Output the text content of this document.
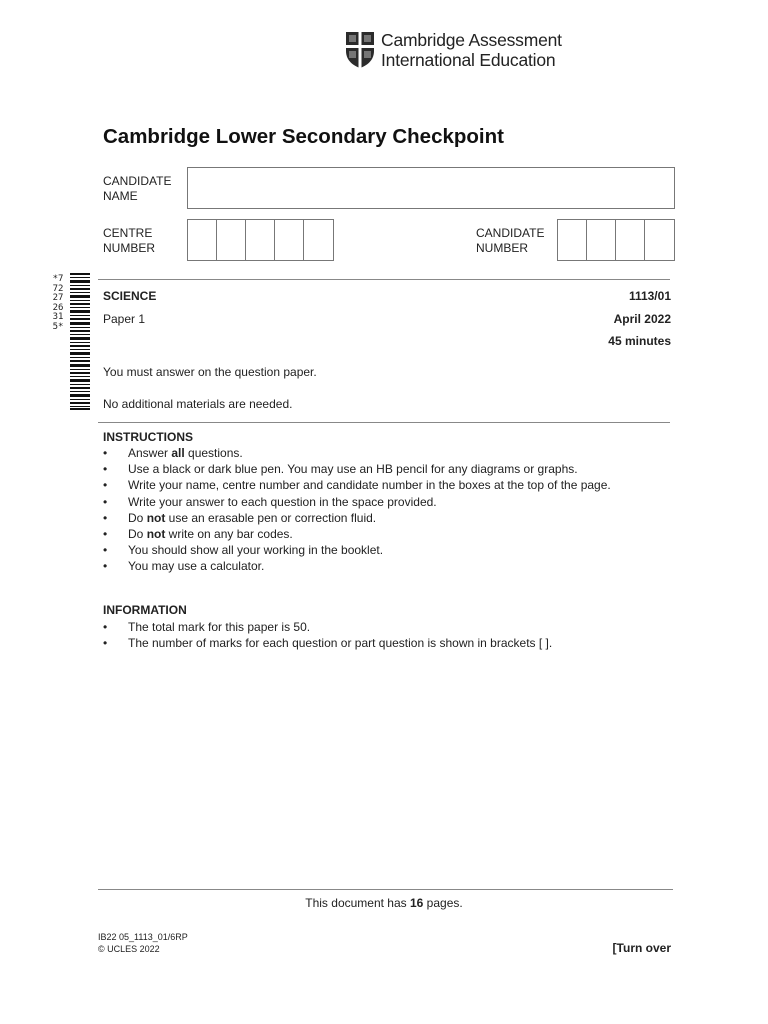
Cambridge Assessment
International Education
Cambridge Lower Secondary Checkpoint
CANDIDATE
NAME
CENTRE
NUMBER
CANDIDATE
NUMBER
*7722726315*
SCIENCE	1113/01
Paper 1	April 2022
45 minutes
You must answer on the question paper.
No additional materials are needed.
INSTRUCTIONS
• Answer all questions.
• Use a black or dark blue pen. You may use an HB pencil for any diagrams or graphs.
• Write your name, centre number and candidate number in the boxes at the top of the page.
• Write your answer to each question in the space provided.
• Do not use an erasable pen or correction fluid.
• Do not write on any bar codes.
• You should show all your working in the booklet.
• You may use a calculator.
INFORMATION
• The total mark for this paper is 50.
• The number of marks for each question or part question is shown in brackets [ ].
This document has 16 pages.
IB22 05_1113_01/6RP
© UCLES 2022	[Turn over
